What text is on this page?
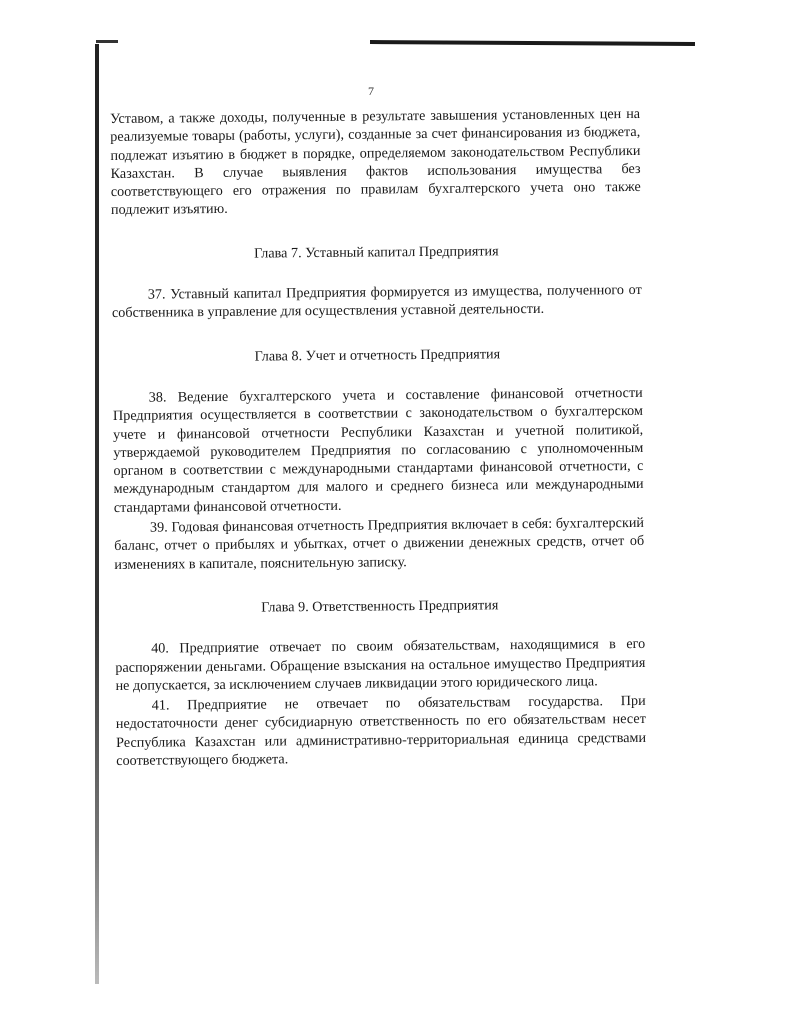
7

Уставом, а также доходы, полученные в результате завышения установленных цен на реализуемые товары (работы, услуги), созданные за счет финансирования из бюджета, подлежат изъятию в бюджет в порядке, определяемом законодательством Республики Казахстан. В случае выявления фактов использования имущества без соответствующего его отражения по правилам бухгалтерского учета оно также подлежит изъятию.

Глава 7. Уставный капитал Предприятия

37. Уставный капитал Предприятия формируется из имущества, полученного от собственника в управление для осуществления уставной деятельности.

Глава 8. Учет и отчетность Предприятия

38. Ведение бухгалтерского учета и составление финансовой отчетности Предприятия осуществляется в соответствии с законодательством о бухгалтерском учете и финансовой отчетности Республики Казахстан и учетной политикой, утверждаемой руководителем Предприятия по согласованию с уполномоченным органом в соответствии с международными стандартами финансовой отчетности, с международным стандартом для малого и среднего бизнеса или международными стандартами финансовой отчетности.

39. Годовая финансовая отчетность Предприятия включает в себя: бухгалтерский баланс, отчет о прибылях и убытках, отчет о движении денежных средств, отчет об изменениях в капитале, пояснительную записку.

Глава 9. Ответственность Предприятия

40. Предприятие отвечает по своим обязательствам, находящимися в его распоряжении деньгами. Обращение взыскания на остальное имущество Предприятия не допускается, за исключением случаев ликвидации этого юридического лица.

41. Предприятие не отвечает по обязательствам государства. При недостаточности денег субсидиарную ответственность по его обязательствам несет Республика Казахстан или административно-территориальная единица средствами соответствующего бюджета.
